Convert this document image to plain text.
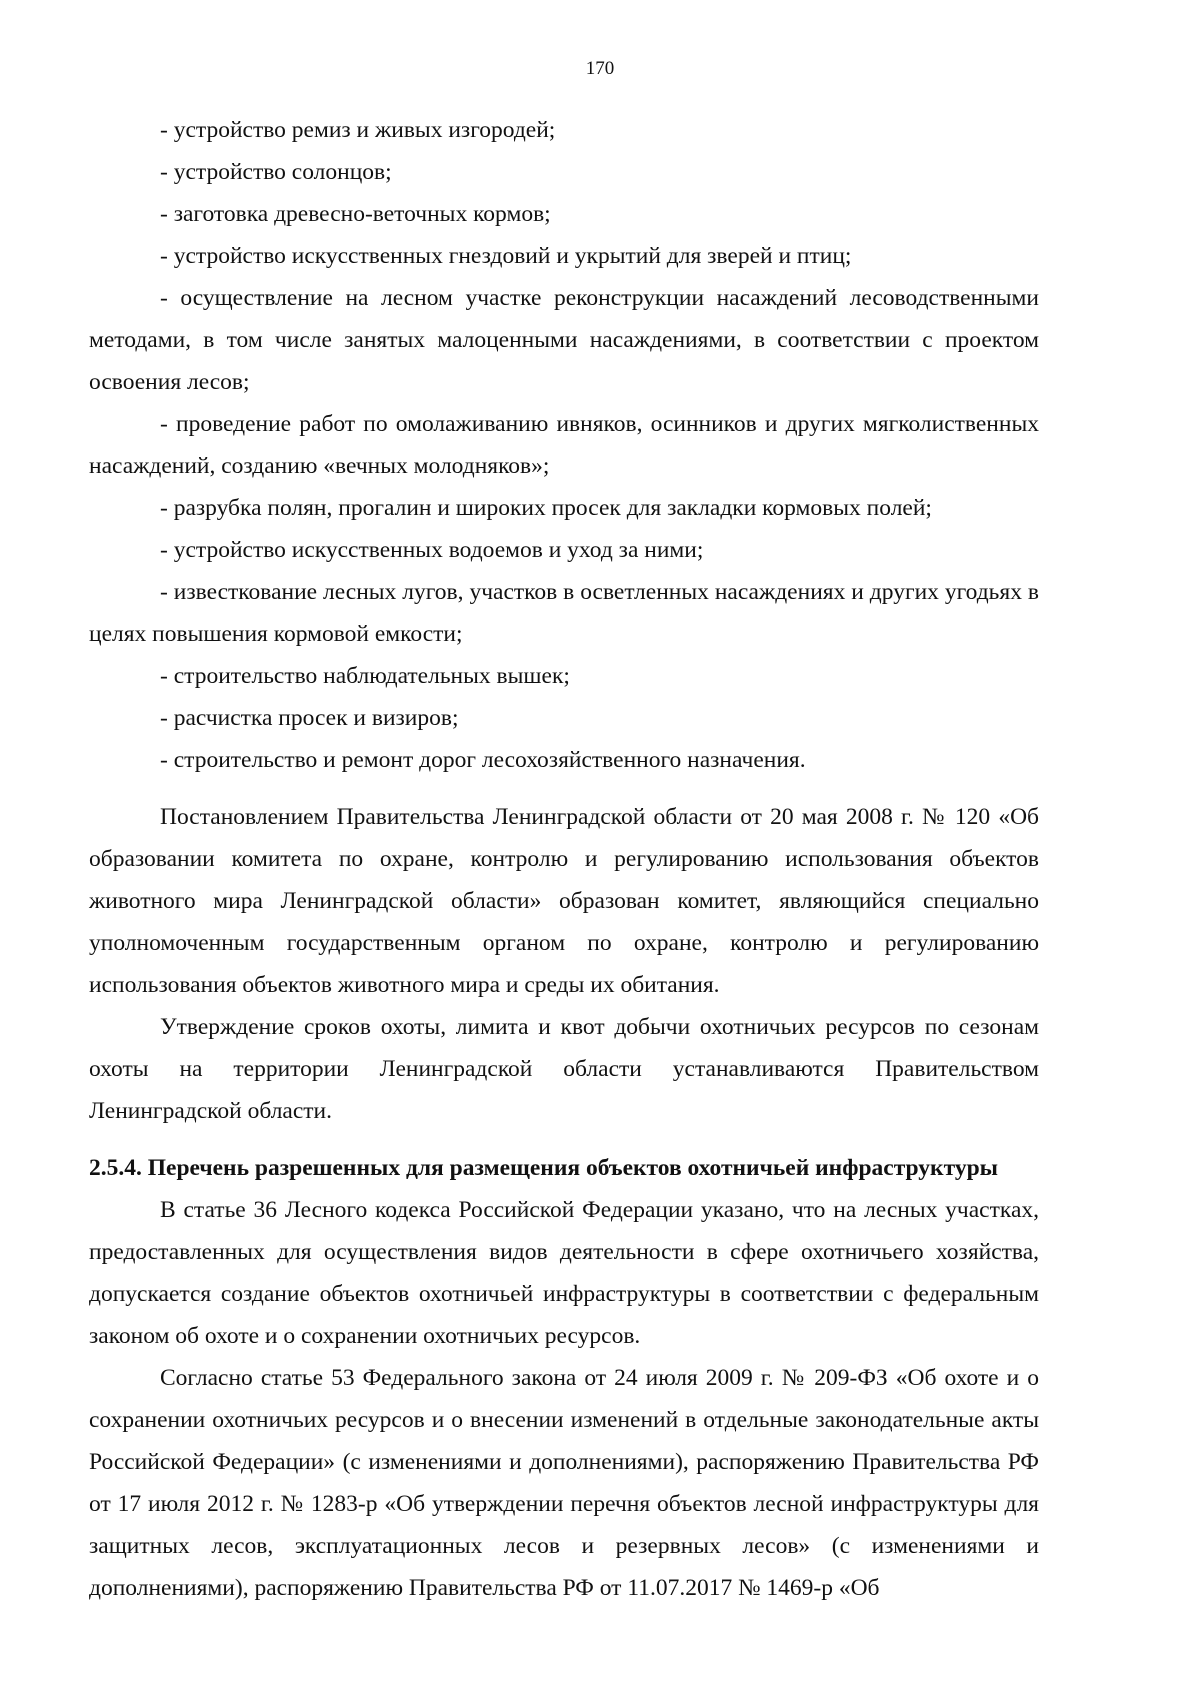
170

- устройство ремиз и живых изгородей;

- устройство солонцов;

- заготовка древесно-веточных кормов;

- устройство искусственных гнездовий и укрытий для зверей и птиц;

- осуществление на лесном участке реконструкции насаждений лесоводственными методами, в том числе занятых малоценными насаждениями, в соответствии с проектом освоения лесов;

- проведение работ по омолаживанию ивняков, осинников и других мягколиственных насаждений, созданию «вечных молодняков»;

- разрубка полян, прогалин и широких просек для закладки кормовых полей;

- устройство искусственных водоемов и уход за ними;

- известкование лесных лугов, участков в осветленных насаждениях и других угодьях в целях повышения кормовой емкости;

- строительство наблюдательных вышек;

- расчистка просек и визиров;

- строительство и ремонт дорог лесохозяйственного назначения.

Постановлением Правительства Ленинградской области от 20 мая 2008 г. № 120 «Об образовании комитета по охране, контролю и регулированию использования объектов животного мира Ленинградской области» образован комитет, являющийся специально уполномоченным государственным органом по охране, контролю и регулированию использования объектов животного мира и среды их обитания.

Утверждение сроков охоты, лимита и квот добычи охотничьих ресурсов по сезонам охоты на территории Ленинградской области устанавливаются Правительством Ленинградской области.

2.5.4. Перечень разрешенных для размещения объектов охотничьей инфраструктуры

В статье 36 Лесного кодекса Российской Федерации указано, что на лесных участках, предоставленных для осуществления видов деятельности в сфере охотничьего хозяйства, допускается создание объектов охотничьей инфраструктуры в соответствии с федеральным законом об охоте и о сохранении охотничьих ресурсов.

Согласно статье 53 Федерального закона от 24 июля 2009 г. № 209-ФЗ «Об охоте и о сохранении охотничьих ресурсов и о внесении изменений в отдельные законодательные акты Российской Федерации» (с изменениями и дополнениями), распоряжению Правительства РФ от 17 июля 2012 г. № 1283-р «Об утверждении перечня объектов лесной инфраструктуры для защитных лесов, эксплуатационных лесов и резервных лесов» (с изменениями и дополнениями), распоряжению Правительства РФ от 11.07.2017 № 1469-р «Об
